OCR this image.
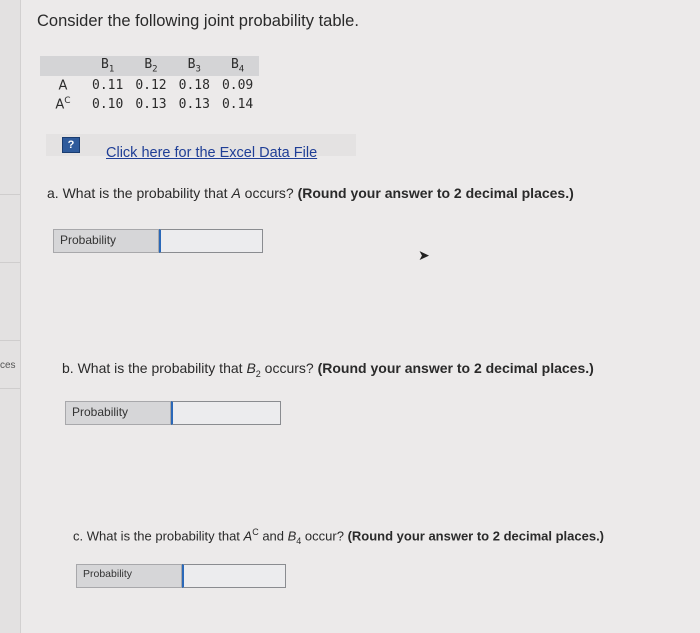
ces
Consider the following joint probability table.
	$B_1$	$B_2$	$B_3$	$B_4$
A	0.11	0.12	0.18	0.09
$A^C$	0.10	0.13	0.13	0.14
?	Click here for the Excel Data File
a. What is the probability that A occurs? (Round your answer to 2 decimal places.)
Probability
➤
b. What is the probability that $B_2$ occurs? (Round your answer to 2 decimal places.)
Probability
c. What is the probability that $A^C$ and $B_4$ occur? (Round your answer to 2 decimal places.)
Probability
